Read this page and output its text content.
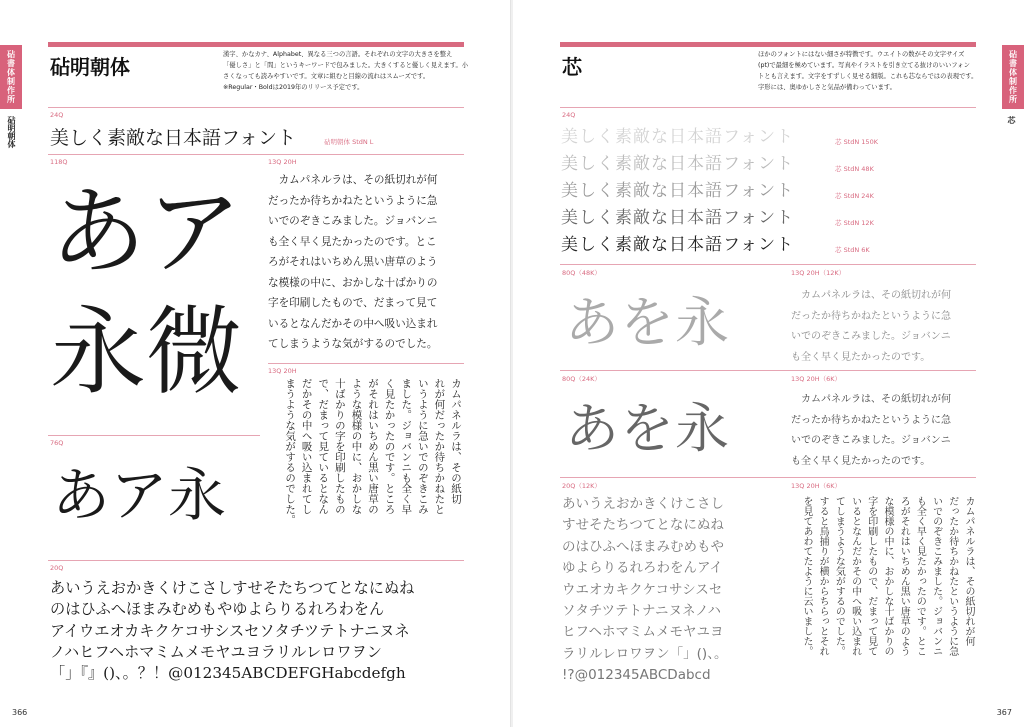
砧書体制作所
砧明朝体
砧明朝体
漢字、かなカナ、Alphabet、異なる三つの言語。それぞれの文字の大きさを整え
「優しさ」と「間」というキーワードで包みました。大きくすると優しく見えます。小
さくなっても読みやすいです。文章に組むと目線の流れはスムーズです。
※Regular・Boldは2019年のリリース予定です。
24Q
美しく素敵な日本語フォント	砧明朝体 StdN L
118Q
あア
永微
13Q 20H
　カムパネルラは、その紙切れが何
だったか待ちかねたというように急
いでのぞきこみました。ジョバンニ
も全く早く見たかったのです。とこ
ろがそれはいちめん黒い唐草のよう
な模様の中に、おかしな十ばかりの
字を印刷したもので、だまって見て
いるとなんだかその中へ吸い込まれ
てしまうような気がするのでした。
13Q 20H
カムパネルラは、その紙切
れが何だったか待ちかねたと
いうように急いでのぞきこみ
ました。ジョバンニも全く早
く見たかったのです。ところ
がそれはいちめん黒い唐草の
ような模様の中に、おかしな
十ばかりの字を印刷したもの
で、だまって見ているとなん
だかその中へ吸い込まれてし
まうような気がするのでした。
76Q
あア永
20Q
あいうえおかきくけこさしすせそたちつてとなにぬね
のはひふへほまみむめもやゆよらりるれろわをん
アイウエオカキクケコサシスセソタチツテトナニヌネ
ノハヒフヘホマミムメモヤユヨラリルレロワヲン
「」『』()、。？！@012345ABCDEFGHabcdefgh
366
砧書体制作所
芯
芯
ほかのフォントにはない細さが特徴です。ウエイトの数がその文字サイズ
(pt)で最細を極めています。写真やイラストを引き立てる抜けのいいフォン
トとも言えます。文字をすずしく見せる細版。これも芯ならではの表現です。
字形には、奥ゆかしさと気品が備わっています。
24Q
美しく素敵な日本語フォント	芯 StdN 150K
美しく素敵な日本語フォント	芯 StdN 48K
美しく素敵な日本語フォント	芯 StdN 24K
美しく素敵な日本語フォント	芯 StdN 12K
美しく素敵な日本語フォント	芯 StdN 6K
80Q（48K）
あを永
13Q 20H（12K）
　カムパネルラは、その紙切れが何
だったか待ちかねたというように急
いでのぞきこみました。ジョバンニ
も全く早く見たかったのです。
80Q（24K）
あを永
13Q 20H（6K）
　カムパネルラは、その紙切れが何
だったか待ちかねたというように急
いでのぞきこみました。ジョバンニ
も全く早く見たかったのです。
20Q（12K）
あいうえおかきくけこさし
すせそたちつてとなにぬね
のはひふへほまみむめもや
ゆよらりるれろわをんアイ
ウエオカキクケコサシスセ
ソタチツテトナニヌネノハ
ヒフヘホマミムメモヤユヨ
ラリルレロワヲン「」()、。
!?@012345ABCDabcd
13Q 20H（6K）
カムパネルラは、その紙切れが何
だったか待ちかねたというように急
いでのぞきこみました。ジョバンニ
も全く早く見たかったのです。とこ
ろがそれはいちめん黒い唐草のよう
な模様の中に、おかしな十ばかりの
字を印刷したもので、だまって見て
いるとなんだかその中へ吸い込まれ
てしまうような気がするのでした。
すると鳥捕りが横からちらっとそれ
を見てあわてたように云いました。
367
